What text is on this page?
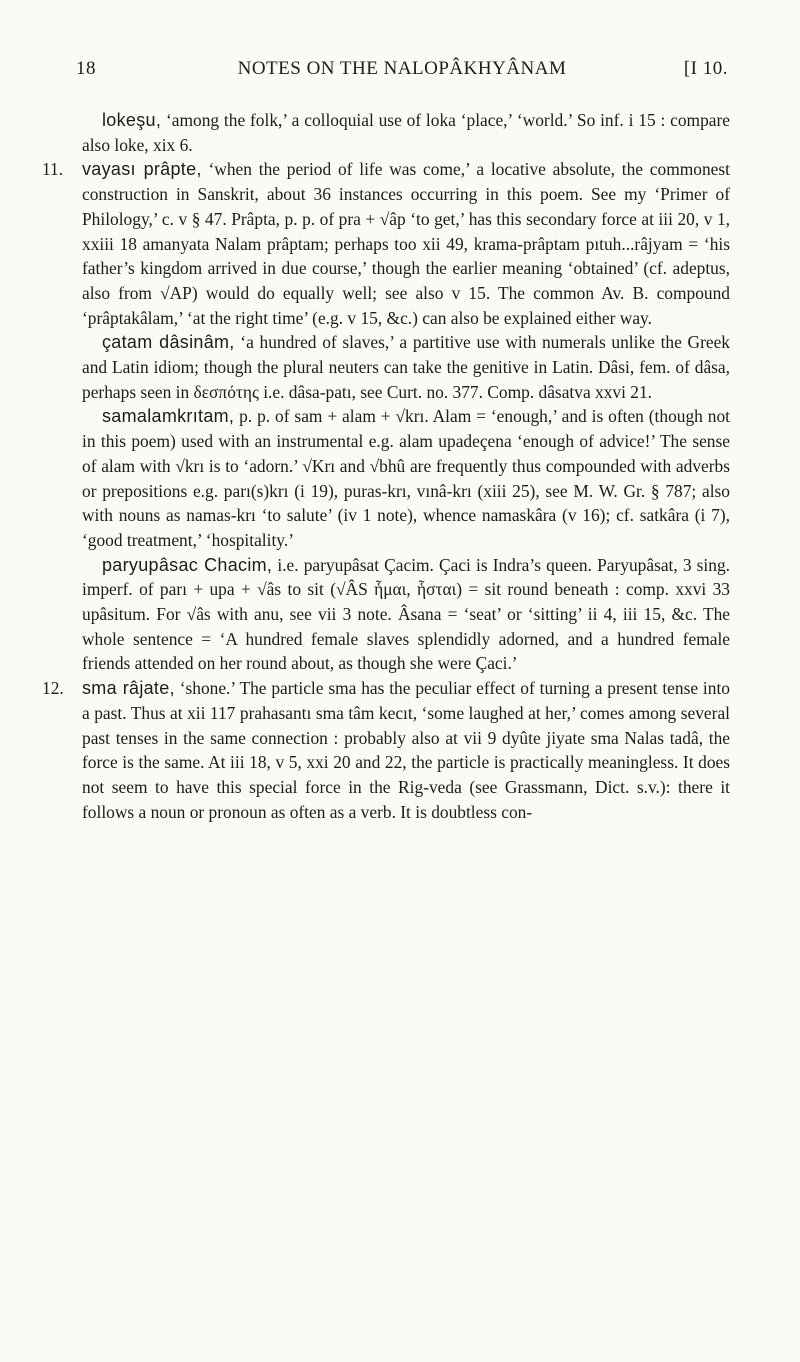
18	NOTES ON THE NALOPÂKHYÂNAM	[I 10.

lokeşu, ‘among the folk,’ a colloquial use of loka ‘place,’ ‘world.’ So inf. i 15 : compare also loke, xix 6.

11. vayası prâpte, ‘when the period of life was come,’ a locative absolute, the commonest construction in Sanskrit, about 36 instances occurring in this poem. See my ‘Primer of Philology,’ c. v § 47. Prâpta, p. p. of pra + √âp ‘to get,’ has this secondary force at iii 20, v 1, xxiii 18 amanyata Nalam prâptam; perhaps too xii 49, krama-prâptam pıtuh...râjyam = ‘his father’s kingdom arrived in due course,’ though the earlier meaning ‘obtained’ (cf. adeptus, also from √AP) would do equally well; see also v 15. The common Av. B. compound ‘prâptakâlam,’ ‘at the right time’ (e.g. v 15, &c.) can also be explained either way.

çatam dâsinâm, ‘a hundred of slaves,’ a partitive use with numerals unlike the Greek and Latin idiom; though the plural neuters can take the genitive in Latin. Dâsi, fem. of dâsa, perhaps seen in δεσπότης i.e. dâsa-patı, see Curt. no. 377. Comp. dâsatva xxvi 21.

samalamkrıtam, p. p. of sam + alam + √krı. Alam = ‘enough,’ and is often (though not in this poem) used with an instrumental e.g. alam upadeçena ‘enough of advice!’ The sense of alam with √krı is to ‘adorn.’ √Krı and √bhû are frequently thus compounded with adverbs or prepositions e.g. parı(s)krı (i 19), puras-krı, vınâ-krı (xiii 25), see M. W. Gr. § 787; also with nouns as namas-krı ‘to salute’ (iv 1 note), whence namaskâra (v 16); cf. satkâra (i 7), ‘good treatment,’ ‘hospitality.’

paryupâsac Chacim, i.e. paryupâsat Çacim. Çaci is Indra’s queen. Paryupâsat, 3 sing. imperf. of parı + upa + √âs to sit (√ÂS ἧμαι, ἧσται) = sit round beneath : comp. xxvi 33 upâsitum. For √âs with anu, see vii 3 note. Âsana = ‘seat’ or ‘sitting’ ii 4, iii 15, &c. The whole sentence = ‘A hundred female slaves splendidly adorned, and a hundred female friends attended on her round about, as though she were Çaci.’

12. sma râjate, ‘shone.’ The particle sma has the peculiar effect of turning a present tense into a past. Thus at xii 117 prahasantı sma tâm kecıt, ‘some laughed at her,’ comes among several past tenses in the same connection : probably also at vii 9 dyûte jiyate sma Nalas tadâ, the force is the same. At iii 18, v 5, xxi 20 and 22, the particle is practically meaningless. It does not seem to have this special force in the Rig-veda (see Grassmann, Dict. s.v.): there it follows a noun or pronoun as often as a verb. It is doubtless con-
